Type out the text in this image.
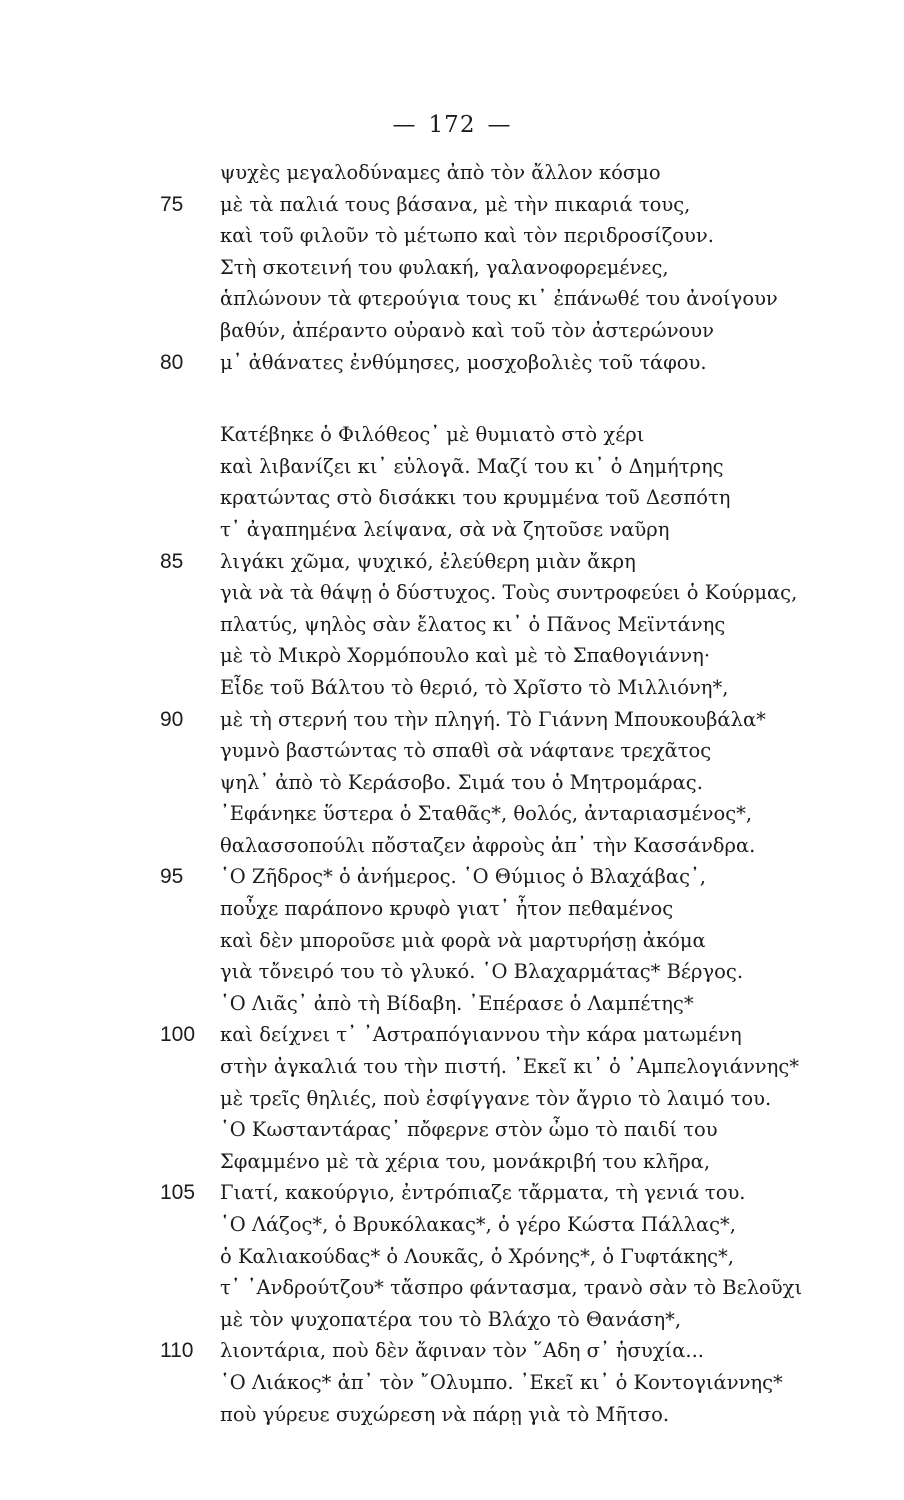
— 172 —
ψυχὲς μεγαλοδύναμες ἀπὸ τὸν ἄλλον κόσμο
75	μὲ τὰ παλιά τους βάσανα, μὲ τὴν πικαριά τους,
καὶ τοῦ φιλοῦν τὸ μέτωπο καὶ τὸν περιδροσίζουν.
Στὴ σκοτεινή του φυλακή, γαλανοφορεμένες,
ἁπλώνουν τὰ φτερούγια τους κι᾿ ἐπάνωθέ του ἀνοίγουν
βαθύν, ἀπέραντο οὐρανὸ καὶ τοῦ τὸν ἀστερώνουν
80	μ᾿ ἀθάνατες ἐνθύμησες, μοσχοβολιὲς τοῦ τάφου.
Κατέβηκε ὁ Φιλόθεος᾿ μὲ θυμιατὸ στὸ χέρι
καὶ λιβανίζει κι᾿ εὐλογᾶ. Μαζί του κι᾿ ὁ Δημήτρης
κρατώντας στὸ δισάκκι του κρυμμένα τοῦ Δεσπότη
τ᾿ ἀγαπημένα λείψανα, σὰ νὰ ζητοῦσε ναῦρη
85	λιγάκι χῶμα, ψυχικό, ἐλεύθερη μιὰν ἄκρη
γιὰ νὰ τὰ θάψῃ ὁ δύστυχος. Τοὺς συντροφεύει ὁ Κούρμας,
πλατύς, ψηλὸς σὰν ἔλατος κι᾿ ὁ Πᾶνος Μεϊντάνης
μὲ τὸ Μικρὸ Χορμόπουλο καὶ μὲ τὸ Σπαθογιάννη·
Εἶδε τοῦ Βάλτου τὸ θεριό, τὸ Χρῖστο τὸ Μιλλιόνη*,
90	μὲ τὴ στερνή του τὴν πληγή. Τὸ Γιάννη Μπουκουβάλα*
γυμνὸ βαστώντας τὸ σπαθὶ σὰ νάφτανε τρεχᾶτος
ψηλ᾿ ἀπὸ τὸ Κεράσοβο. Σιμά του ὁ Μητρομάρας.
᾿Εφάνηκε ὕστερα ὁ Σταθᾶς*, θολός, ἀνταριασμένος*,
θαλασσοπούλι πὄσταζεν ἀφροὺς ἀπ᾿ τὴν Κασσάνδρα.
95	῾Ο Ζῆδρος* ὁ ἀνήμερος. ῾Ο Θύμιος ὁ Βλαχάβας᾿,
ποὖχε παράπονο κρυφὸ γιατ᾿ ἦτον πεθαμένος
καὶ δὲν μποροῦσε μιὰ φορὰ νὰ μαρτυρήσῃ ἀκόμα
γιὰ τὄνειρό του τὸ γλυκό. ῾Ο Βλαχαρμάτας* Βέργος.
῾Ο Λιᾶς᾿ ἀπὸ τὴ Βίδαβη. ᾿Επέρασε ὁ Λαμπέτης*
100	καὶ δείχνει τ᾿ ᾿Αστραπόγιαννου τὴν κάρα ματωμένη
στὴν ἀγκαλιά του τὴν πιστή. ᾿Εκεῖ κι᾿ ὁ ᾿Αμπελογιάννης*
μὲ τρεῖς θηλιές, ποὺ ἐσφίγγανε τὸν ἄγριο τὸ λαιμό του.
῾Ο Κωσταντάρας᾿ πὄφερνε στὸν ὦμο τὸ παιδί του
Σφαμμένο μὲ τὰ χέρια του, μονάκριβή του κλῆρα,
105	Γιατί, κακούργιο, ἐντρόπιαζε τἄρματα, τὴ γενιά του.
῾Ο Λάζος*, ὁ Βρυκόλακας*, ὁ γέρο Κώστα Πάλλας*,
ὁ Καλιακούδας* ὁ Λουκᾶς, ὁ Χρόνης*, ὁ Γυφτάκης*,
τ᾿ ᾿Ανδρούτζου* τἄσπρο φάντασμα, τρανὸ σὰν τὸ Βελοῦχι
μὲ τὸν ψυχοπατέρα του τὸ Βλάχο τὸ Θανάση*,
110	λιοντάρια, ποὺ δὲν ἄφιναν τὸν ῞Αδη σ᾿ ἡσυχία...
῾Ο Λιάκος* ἀπ᾿ τὸν ῎Ολυμπο. ᾿Εκεῖ κι᾿ ὁ Κοντογιάννης*
ποὺ γύρευε συχώρεση νὰ πάρῃ γιὰ τὸ Μῆτσο.
